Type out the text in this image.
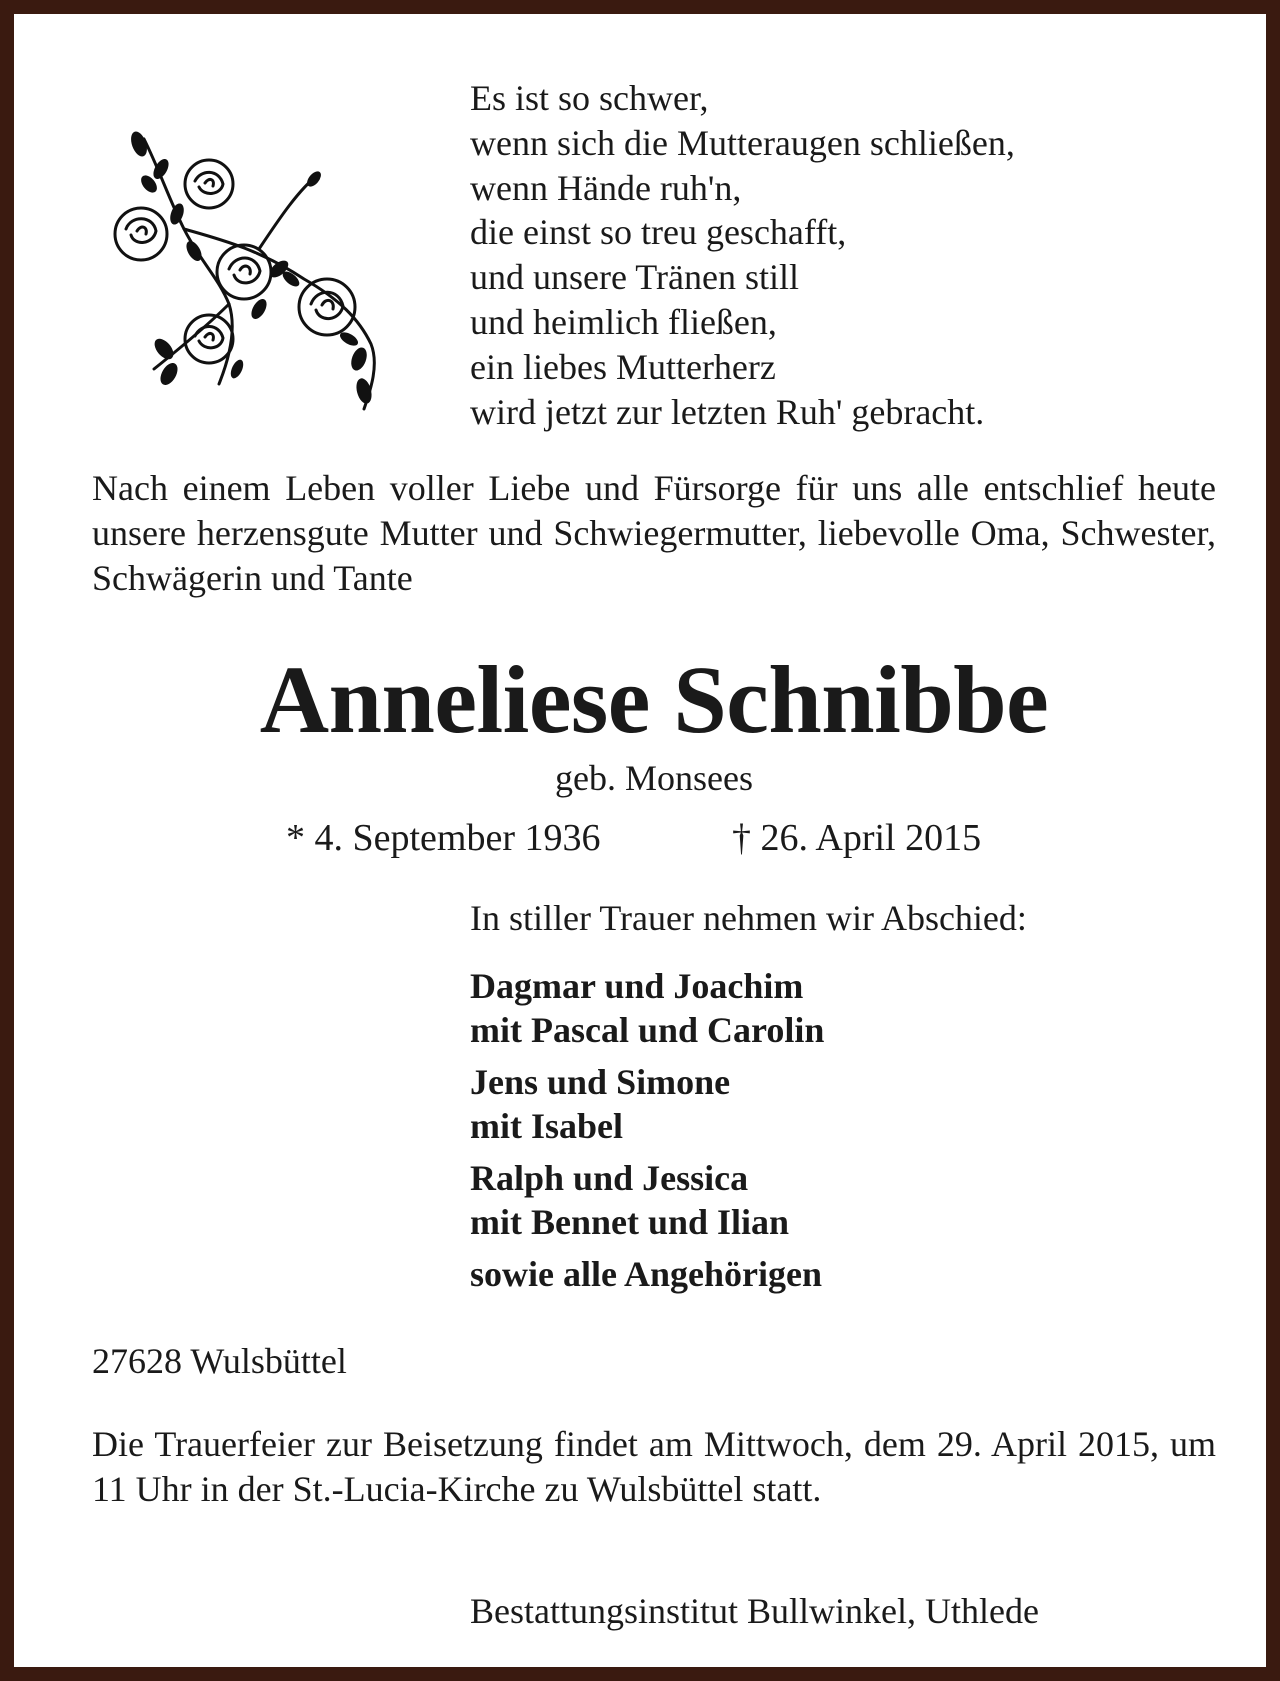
Es ist so schwer,
wenn sich die Mutteraugen schließen,
wenn Hände ruh'n,
die einst so treu geschafft,
und unsere Tränen still
und heimlich fließen,
ein liebes Mutterherz
wird jetzt zur letzten Ruh' gebracht.
Nach einem Leben voller Liebe und Fürsorge für uns alle entschlief heute unsere herzensgute Mutter und Schwiegermutter, liebevolle Oma, Schwester, Schwägerin und Tante
Anneliese Schnibbe
geb. Monsees
* 4. September 1936	† 26. April 2015
In stiller Trauer nehmen wir Abschied:
Dagmar und Joachim
mit Pascal und Carolin
Jens und Simone
mit Isabel
Ralph und Jessica
mit Bennet und Ilian
sowie alle Angehörigen
27628 Wulsbüttel
Die Trauerfeier zur Beisetzung findet am Mittwoch, dem 29. April 2015, um 11 Uhr in der St.-Lucia-Kirche zu Wulsbüttel statt.
Bestattungsinstitut Bullwinkel, Uthlede
